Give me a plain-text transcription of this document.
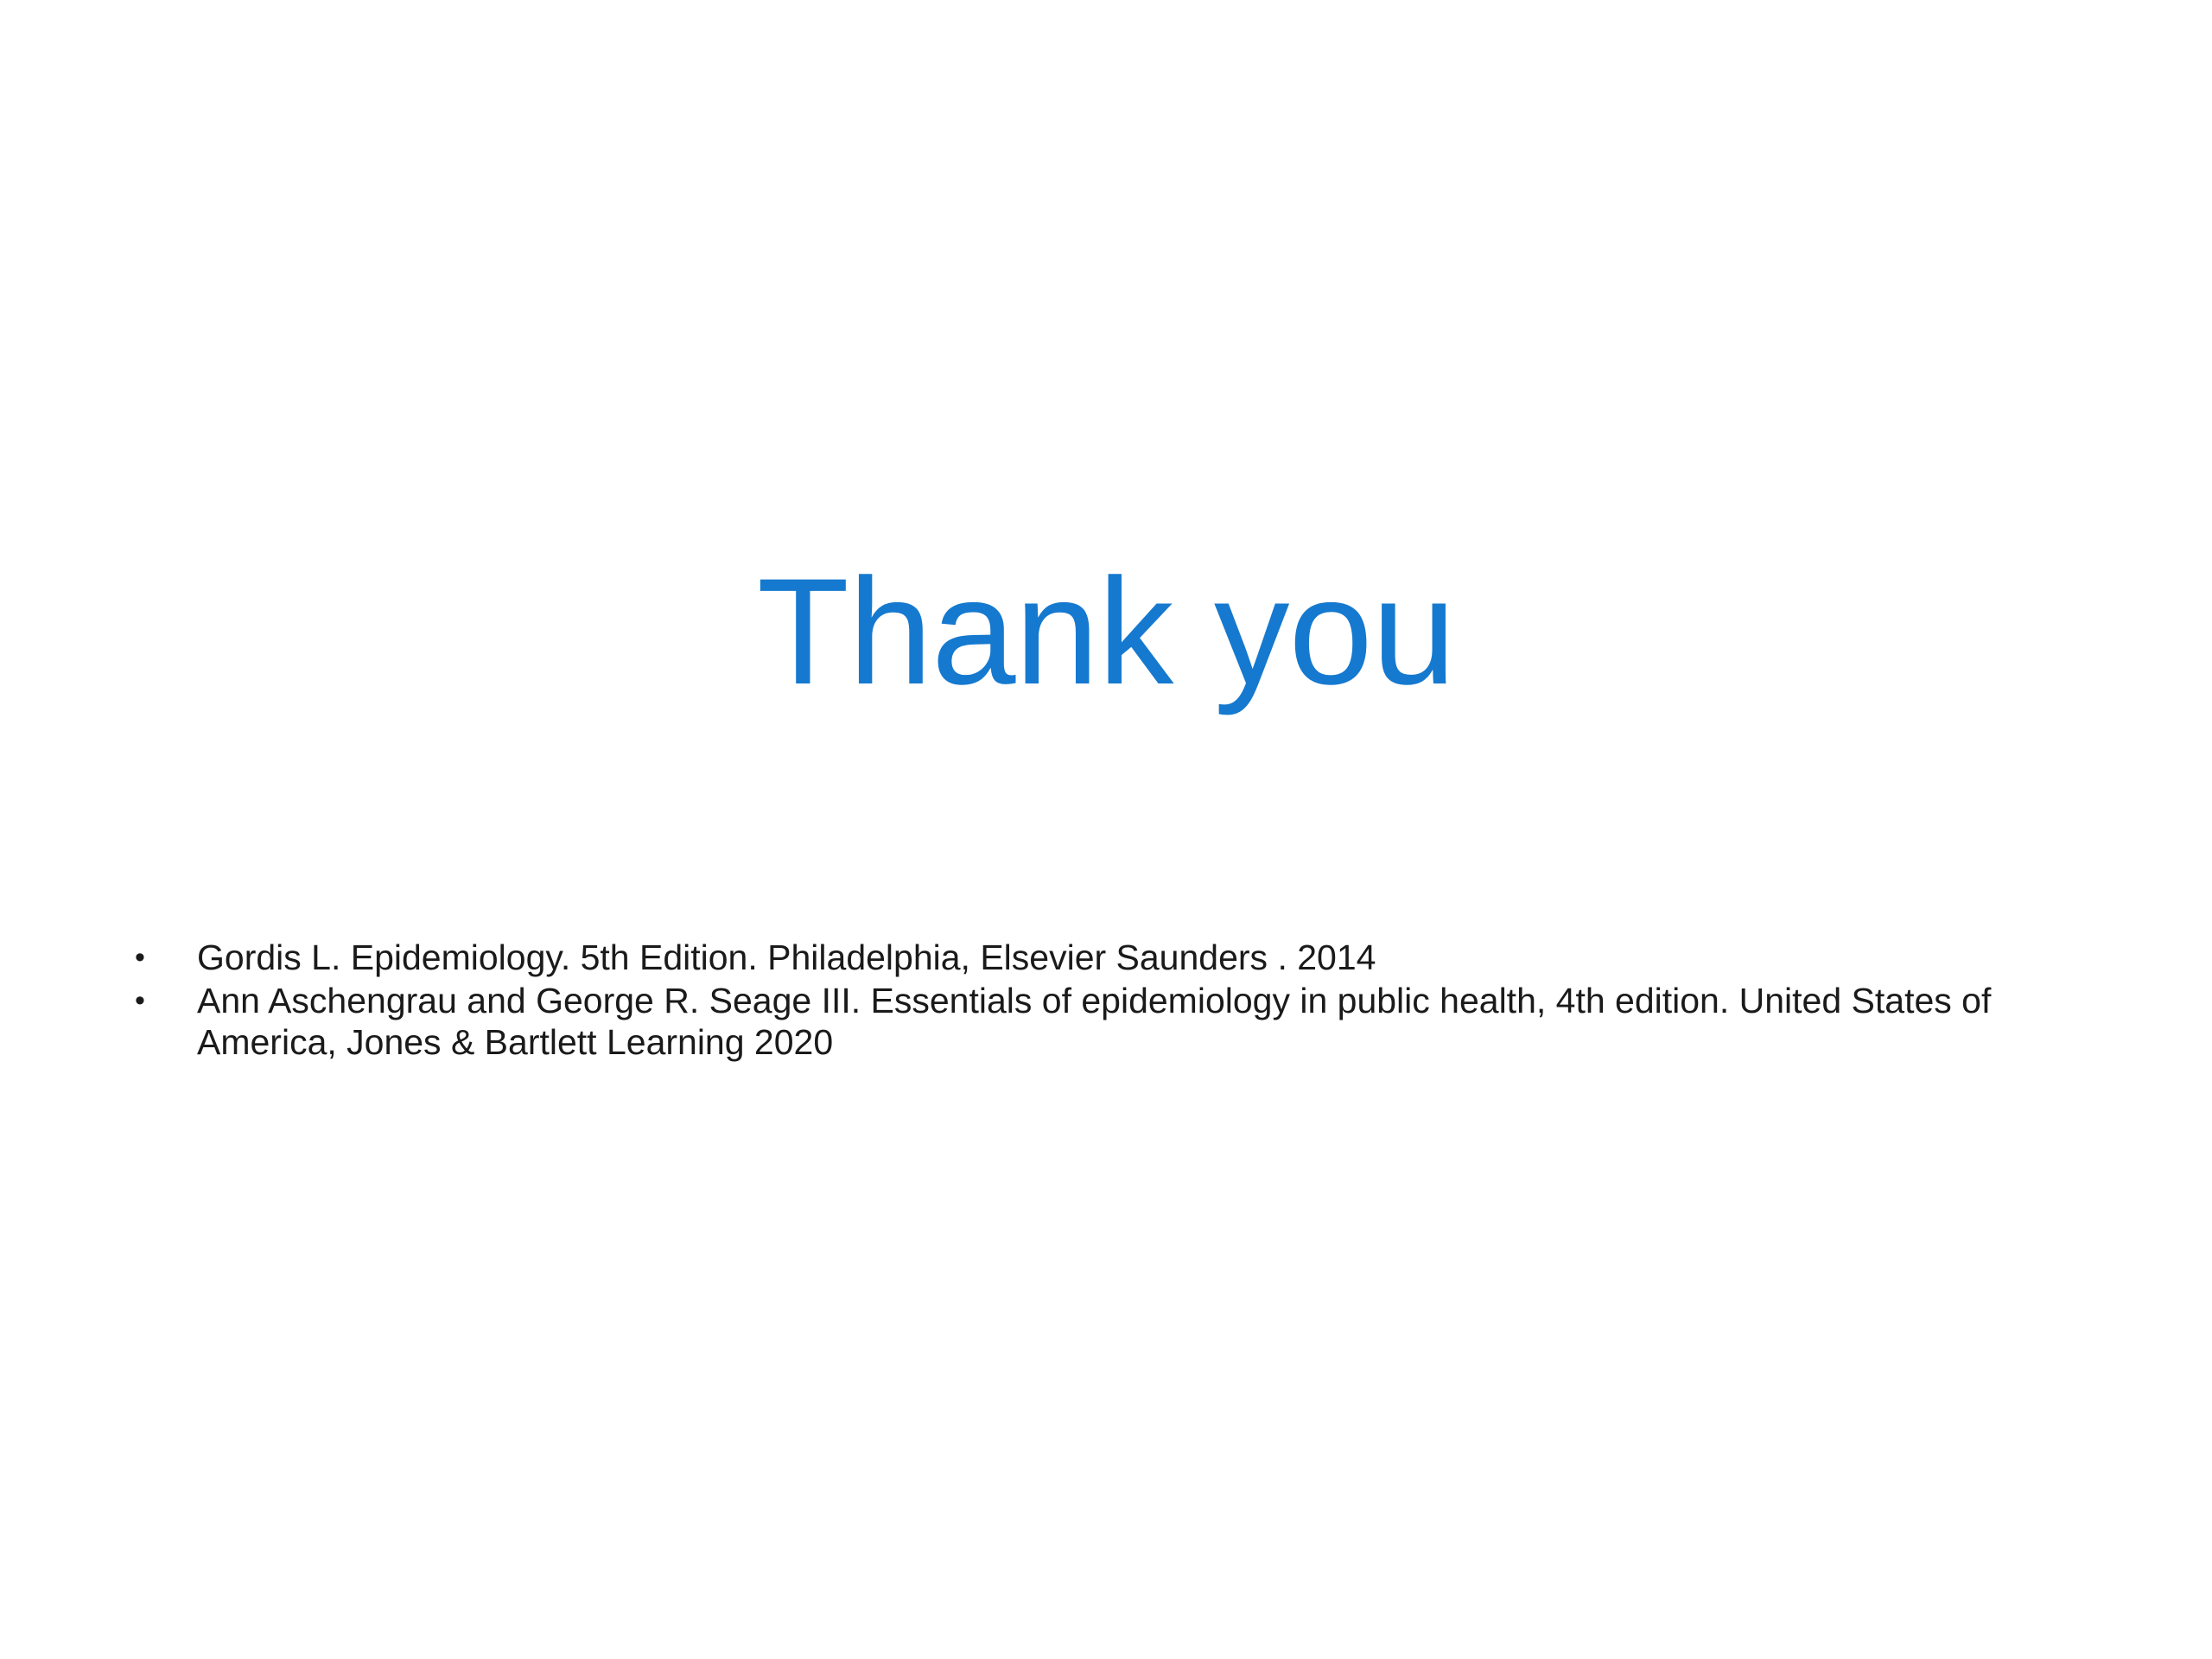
Thank you
• Gordis L. Epidemiology. 5th Edition. Philadelphia, Elsevier Saunders . 2014
• Ann Aschengrau and George R. Seage III. Essentials of epidemiology in public health, 4th edition. United States of America, Jones & Bartlett Learning 2020
